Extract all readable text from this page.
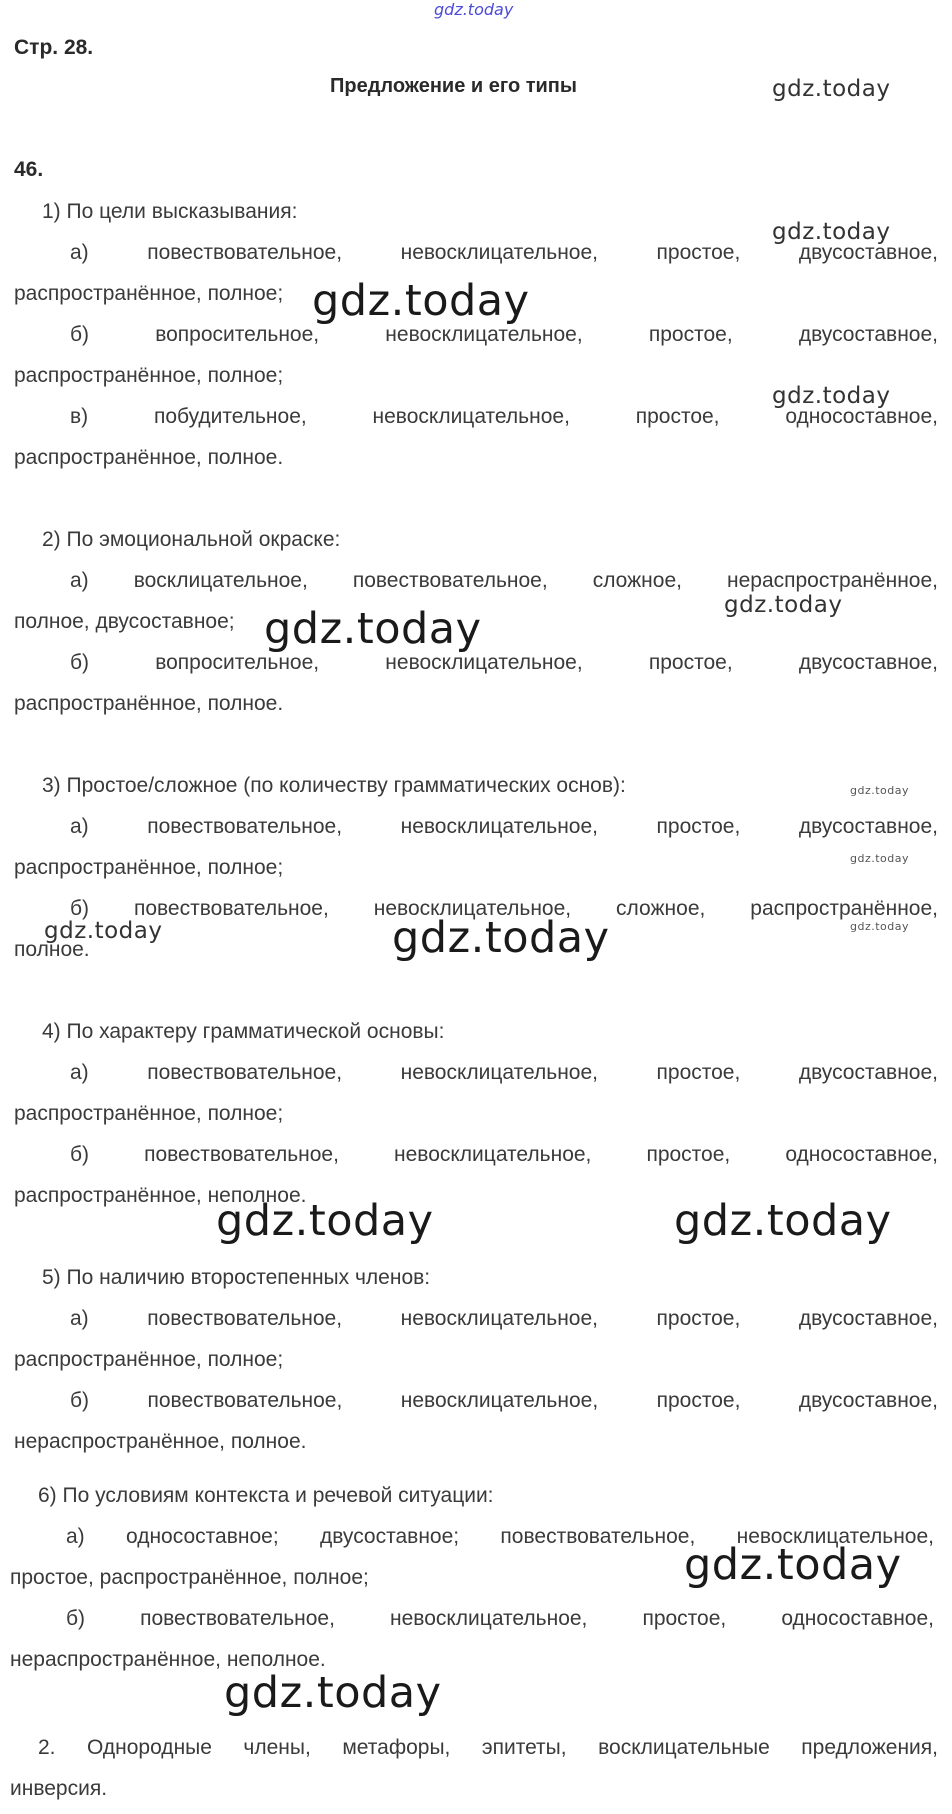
gdz.today
Стр. 28.
Предложение и его типы
46.
1) По цели высказывания:
а) повествовательное, невосклицательное, простое, двусоставное,
распространённое, полное;
б) вопросительное, невосклицательное, простое, двусоставное,
распространённое, полное;
в) побудительное, невосклицательное, простое, односоставное,
распространённое, полное.
2) По эмоциональной окраске:
а) восклицательное, повествовательное, сложное, нераспространённое,
полное, двусоставное;
б) вопросительное, невосклицательное, простое, двусоставное,
распространённое, полное.
3) Простое/сложное (по количеству грамматических основ):
а) повествовательное, невосклицательное, простое, двусоставное,
распространённое, полное;
б) повествовательное, невосклицательное, сложное, распространённое,
полное.
4) По характеру грамматической основы:
а) повествовательное, невосклицательное, простое, двусоставное,
распространённое, полное;
б) повествовательное, невосклицательное, простое, односоставное,
распространённое, неполное.
5) По наличию второстепенных членов:
а) повествовательное, невосклицательное, простое, двусоставное,
распространённое, полное;
б) повествовательное, невосклицательное, простое, двусоставное,
нераспространённое, полное.
6) По условиям контекста и речевой ситуации:
а) односоставное; двусоставное; повествовательное, невосклицательное,
простое, распространённое, полное;
б) повествовательное, невосклицательное, простое, односоставное,
нераспространённое, неполное.
2. Однородные члены, метафоры, эпитеты, восклицательные предложения,
инверсия.
gdz.today
gdz.today
gdz.today
gdz.today
gdz.today
gdz.today
gdz.today
gdz.today
gdz.today
gdz.today	gdz.today
gdz.today	gdz.today
gdz.today
gdz.today
